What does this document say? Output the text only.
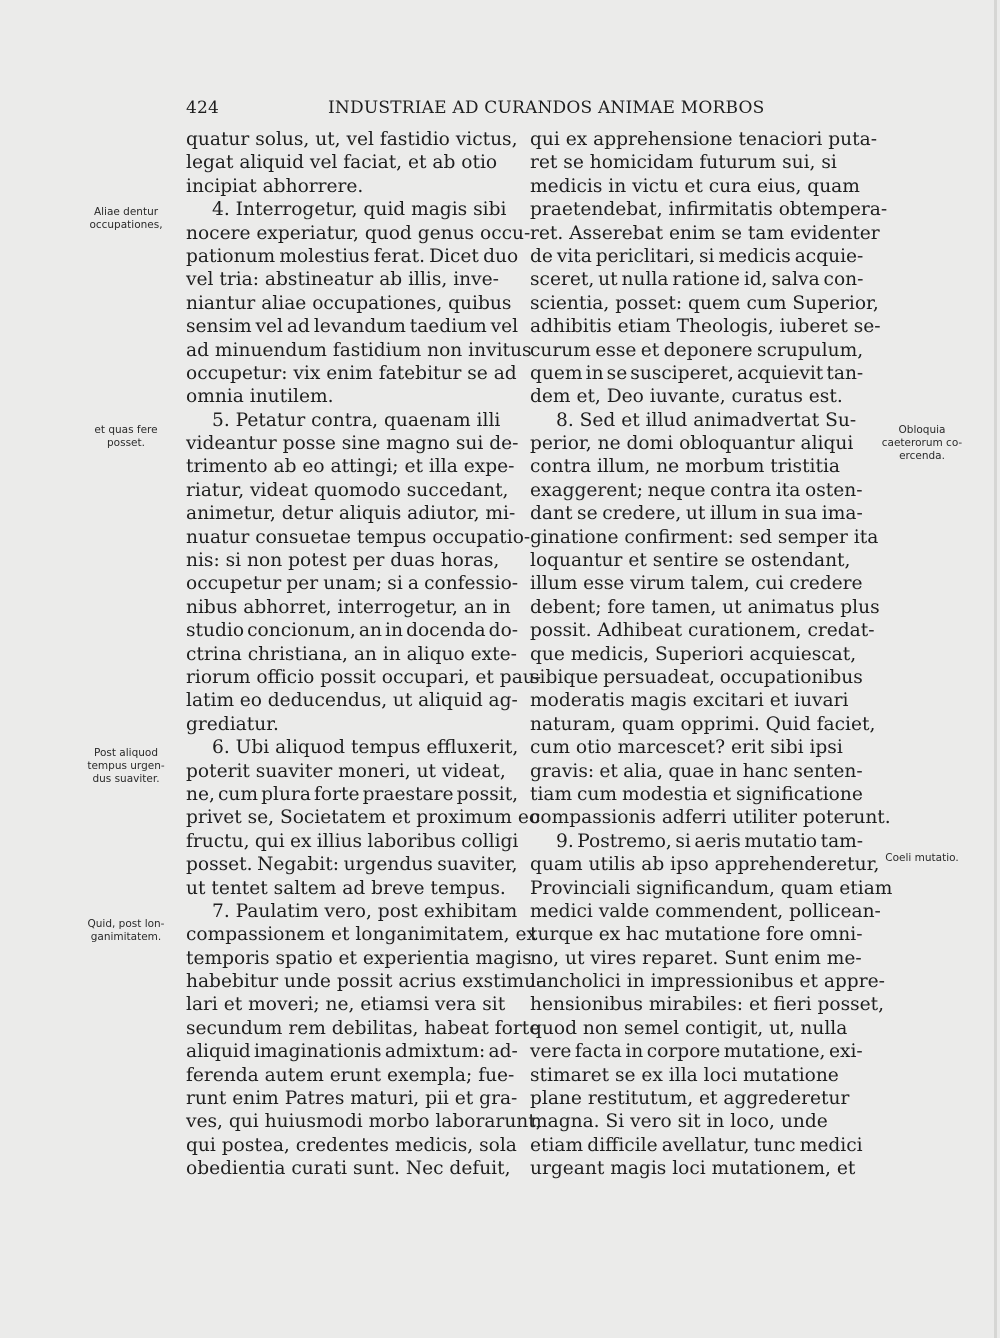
424	INDUSTRIAE AD CURANDOS ANIMAE MORBOS
Aliae dentur
occupationes,
et quas fere
posset.
Post aliquod
tempus urgen-
dus suaviter.
Quid, post lon-
ganimitatem.
Obloquia
caeterorum co-
ercenda.
Coeli mutatio.
quatur solus, ut, vel fastidio victus,
legat aliquid vel faciat, et ab otio
incipiat abhorrere.
4. Interrogetur, quid magis sibi
nocere experiatur, quod genus occu-
pationum molestius ferat. Dicet duo
vel tria: abstineatur ab illis, inve-
niantur aliae occupationes, quibus
sensim vel ad levandum taedium vel
ad minuendum fastidium non invitus
occupetur: vix enim fatebitur se ad
omnia inutilem.
5. Petatur contra, quaenam illi
videantur posse sine magno sui de-
trimento ab eo attingi; et illa expe-
riatur, videat quomodo succedant,
animetur, detur aliquis adiutor, mi-
nuatur consuetae tempus occupatio-
nis: si non potest per duas horas,
occupetur per unam; si a confessio-
nibus abhorret, interrogetur, an in
studio concionum, an in docenda do-
ctrina christiana, an in aliquo exte-
riorum officio possit occupari, et pau-
latim eo deducendus, ut aliquid ag-
grediatur.
6. Ubi aliquod tempus effluxerit,
poterit suaviter moneri, ut videat,
ne, cum plura forte praestare possit,
privet se, Societatem et proximum eo
fructu, qui ex illius laboribus colligi
posset. Negabit: urgendus suaviter,
ut tentet saltem ad breve tempus.
7. Paulatim vero, post exhibitam
compassionem et longanimitatem, ex
temporis spatio et experientia magis
habebitur unde possit acrius exstimu-
lari et moveri; ne, etiamsi vera sit
secundum rem debilitas, habeat forte
aliquid imaginationis admixtum: ad-
ferenda autem erunt exempla; fue-
runt enim Patres maturi, pii et gra-
ves, qui huiusmodi morbo laborarunt,
qui postea, credentes medicis, sola
obedientia curati sunt. Nec defuit,
qui ex apprehensione tenaciori puta-
ret se homicidam futurum sui, si
medicis in victu et cura eius, quam
praetendebat, infirmitatis obtempera-
ret. Asserebat enim se tam evidenter
de vita periclitari, si medicis acquie-
sceret, ut nulla ratione id, salva con-
scientia, posset: quem cum Superior,
adhibitis etiam Theologis, iuberet se-
curum esse et deponere scrupulum,
quem in se susciperet, acquievit tan-
dem et, Deo iuvante, curatus est.
8. Sed et illud animadvertat Su-
perior, ne domi obloquantur aliqui
contra illum, ne morbum tristitia
exaggerent; neque contra ita osten-
dant se credere, ut illum in sua ima-
ginatione confirment: sed semper ita
loquantur et sentire se ostendant,
illum esse virum talem, cui credere
debent; fore tamen, ut animatus plus
possit. Adhibeat curationem, credat-
que medicis, Superiori acquiescat,
sibique persuadeat, occupationibus
moderatis magis excitari et iuvari
naturam, quam opprimi. Quid faciet,
cum otio marcescet? erit sibi ipsi
gravis: et alia, quae in hanc senten-
tiam cum modestia et significatione
compassionis adferri utiliter poterunt.
9. Postremo, si aeris mutatio tam-
quam utilis ab ipso apprehenderetur,
Provinciali significandum, quam etiam
medici valde commendent, pollicean-
turque ex hac mutatione fore omni-
no, ut vires reparet. Sunt enim me-
lancholici in impressionibus et appre-
hensionibus mirabiles: et fieri posset,
quod non semel contigit, ut, nulla
vere facta in corpore mutatione, exi-
stimaret se ex illa loci mutatione
plane restitutum, et aggrederetur
magna. Si vero sit in loco, unde
etiam difficile avellatur, tunc medici
urgeant magis loci mutationem, et
